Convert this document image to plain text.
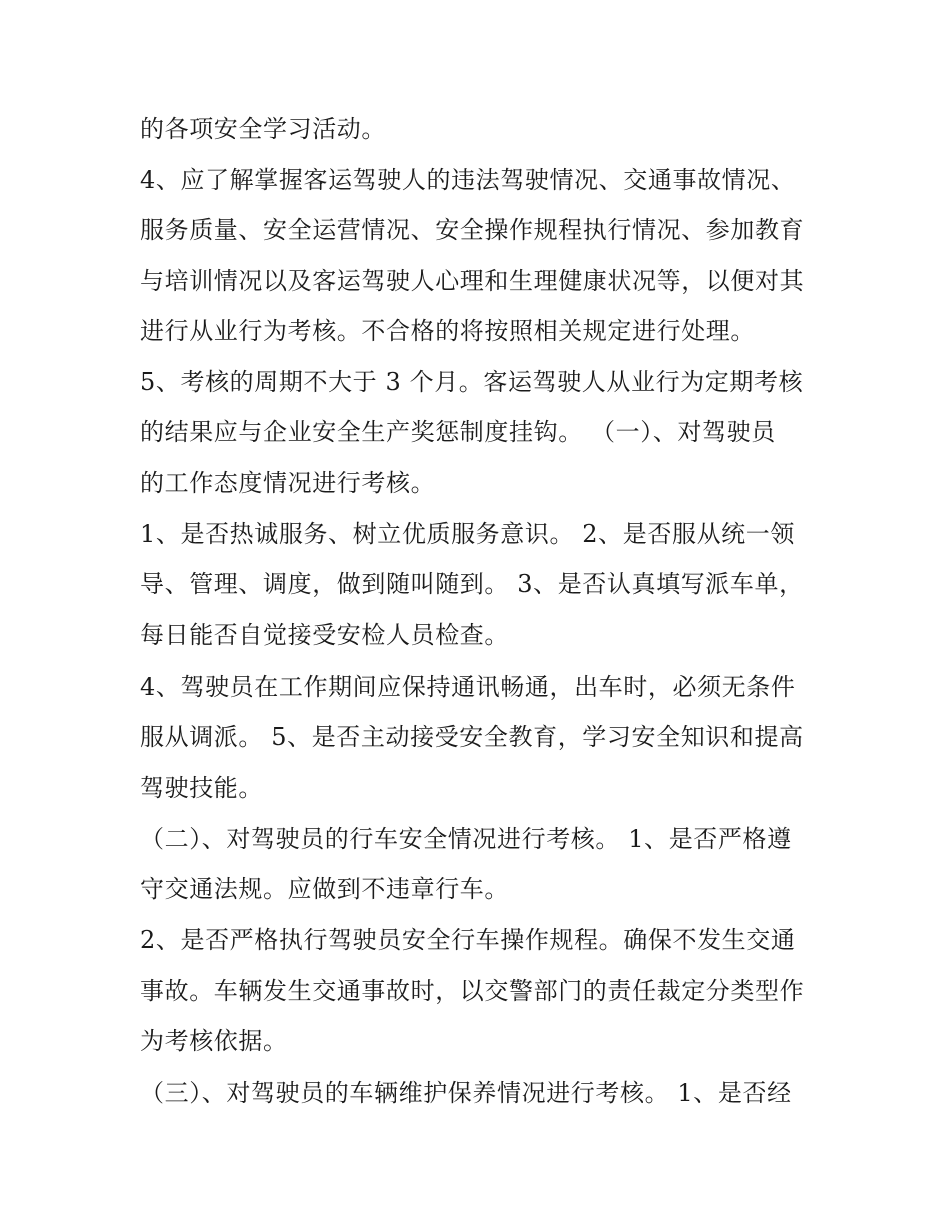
的各项安全学习活动。
4、应了解掌握客运驾驶人的违法驾驶情况、交通事故情况、
服务质量、安全运营情况、安全操作规程执行情况、参加教育
与培训情况以及客运驾驶人心理和生理健康状况等，以便对其
进行从业行为考核。不合格的将按照相关规定进行处理。
5、考核的周期不大于 3 个月。客运驾驶人从业行为定期考核
的结果应与企业安全生产奖惩制度挂钩。 （一）、对驾驶员
的工作态度情况进行考核。
1、是否热诚服务、树立优质服务意识。 2、是否服从统一领
导、管理、调度，做到随叫随到。 3、是否认真填写派车单，
每日能否自觉接受安检人员检查。
4、驾驶员在工作期间应保持通讯畅通，出车时，必须无条件
服从调派。 5、是否主动接受安全教育，学习安全知识和提高
驾驶技能。
（二）、对驾驶员的行车安全情况进行考核。 1、是否严格遵
守交通法规。应做到不违章行车。
2、是否严格执行驾驶员安全行车操作规程。确保不发生交通
事故。车辆发生交通事故时，以交警部门的责任裁定分类型作
为考核依据。
（三）、对驾驶员的车辆维护保养情况进行考核。 1、是否经
